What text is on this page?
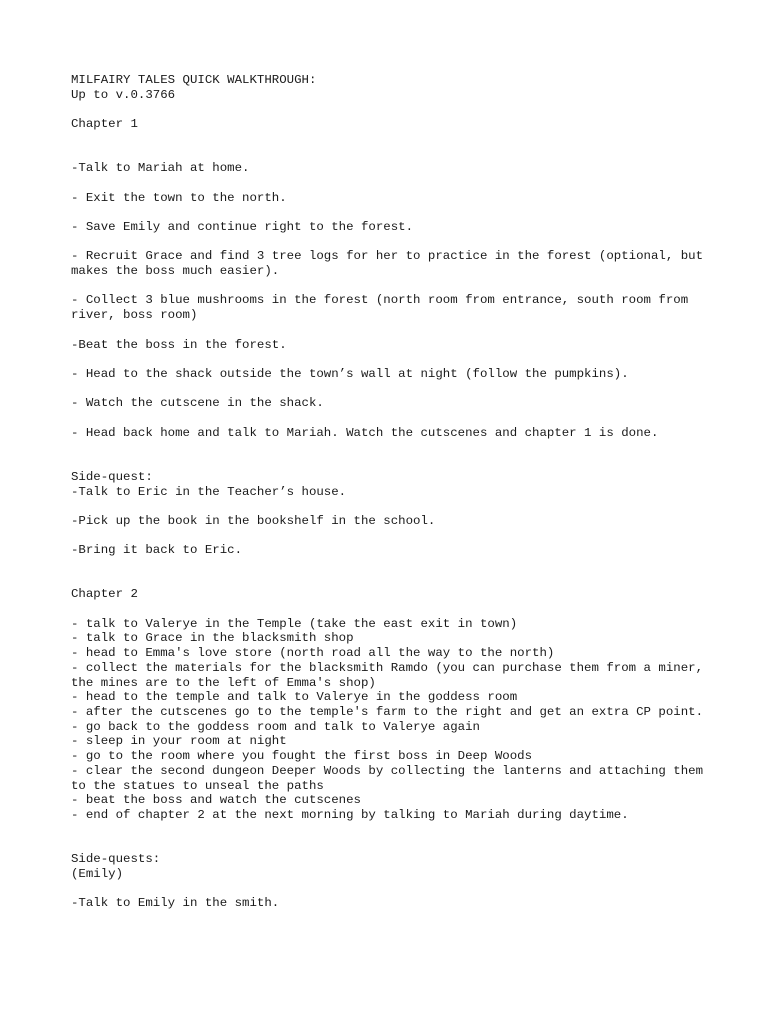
MILFAIRY TALES QUICK WALKTHROUGH:

Up to v.0.3766

Chapter 1

-Talk to Mariah at home.

- Exit the town to the north.

- Save Emily and continue right to the forest.

- Recruit Grace and find 3 tree logs for her to practice in the forest (optional, but makes the boss much easier).

- Collect 3 blue mushrooms in the forest (north room from entrance, south room from river, boss room)

-Beat the boss in the forest.

- Head to the shack outside the town’s wall at night (follow the pumpkins).

- Watch the cutscene in the shack.

- Head back home and talk to Mariah. Watch the cutscenes and chapter 1 is done.

Side-quest:

-Talk to Eric in the Teacher’s house.

-Pick up the book in the bookshelf in the school.

-Bring it back to Eric.

Chapter 2

- talk to Valerye in the Temple (take the east exit in town)

- talk to Grace in the blacksmith shop

- head to Emma's love store (north road all the way to the north)

- collect the materials for the blacksmith Ramdo (you can purchase them from a miner, the mines are to the left of Emma's shop)

- head to the temple and talk to Valerye in the goddess room

- after the cutscenes go to the temple's farm to the right and get an extra CP point.

- go back to the goddess room and talk to Valerye again

- sleep in your room at night

- go to the room where you fought the first boss in Deep Woods

- clear the second dungeon Deeper Woods by collecting the lanterns and attaching them to the statues to unseal the paths

- beat the boss and watch the cutscenes

- end of chapter 2 at the next morning by talking to Mariah during daytime.

Side-quests:

(Emily)

-Talk to Emily in the smith.
